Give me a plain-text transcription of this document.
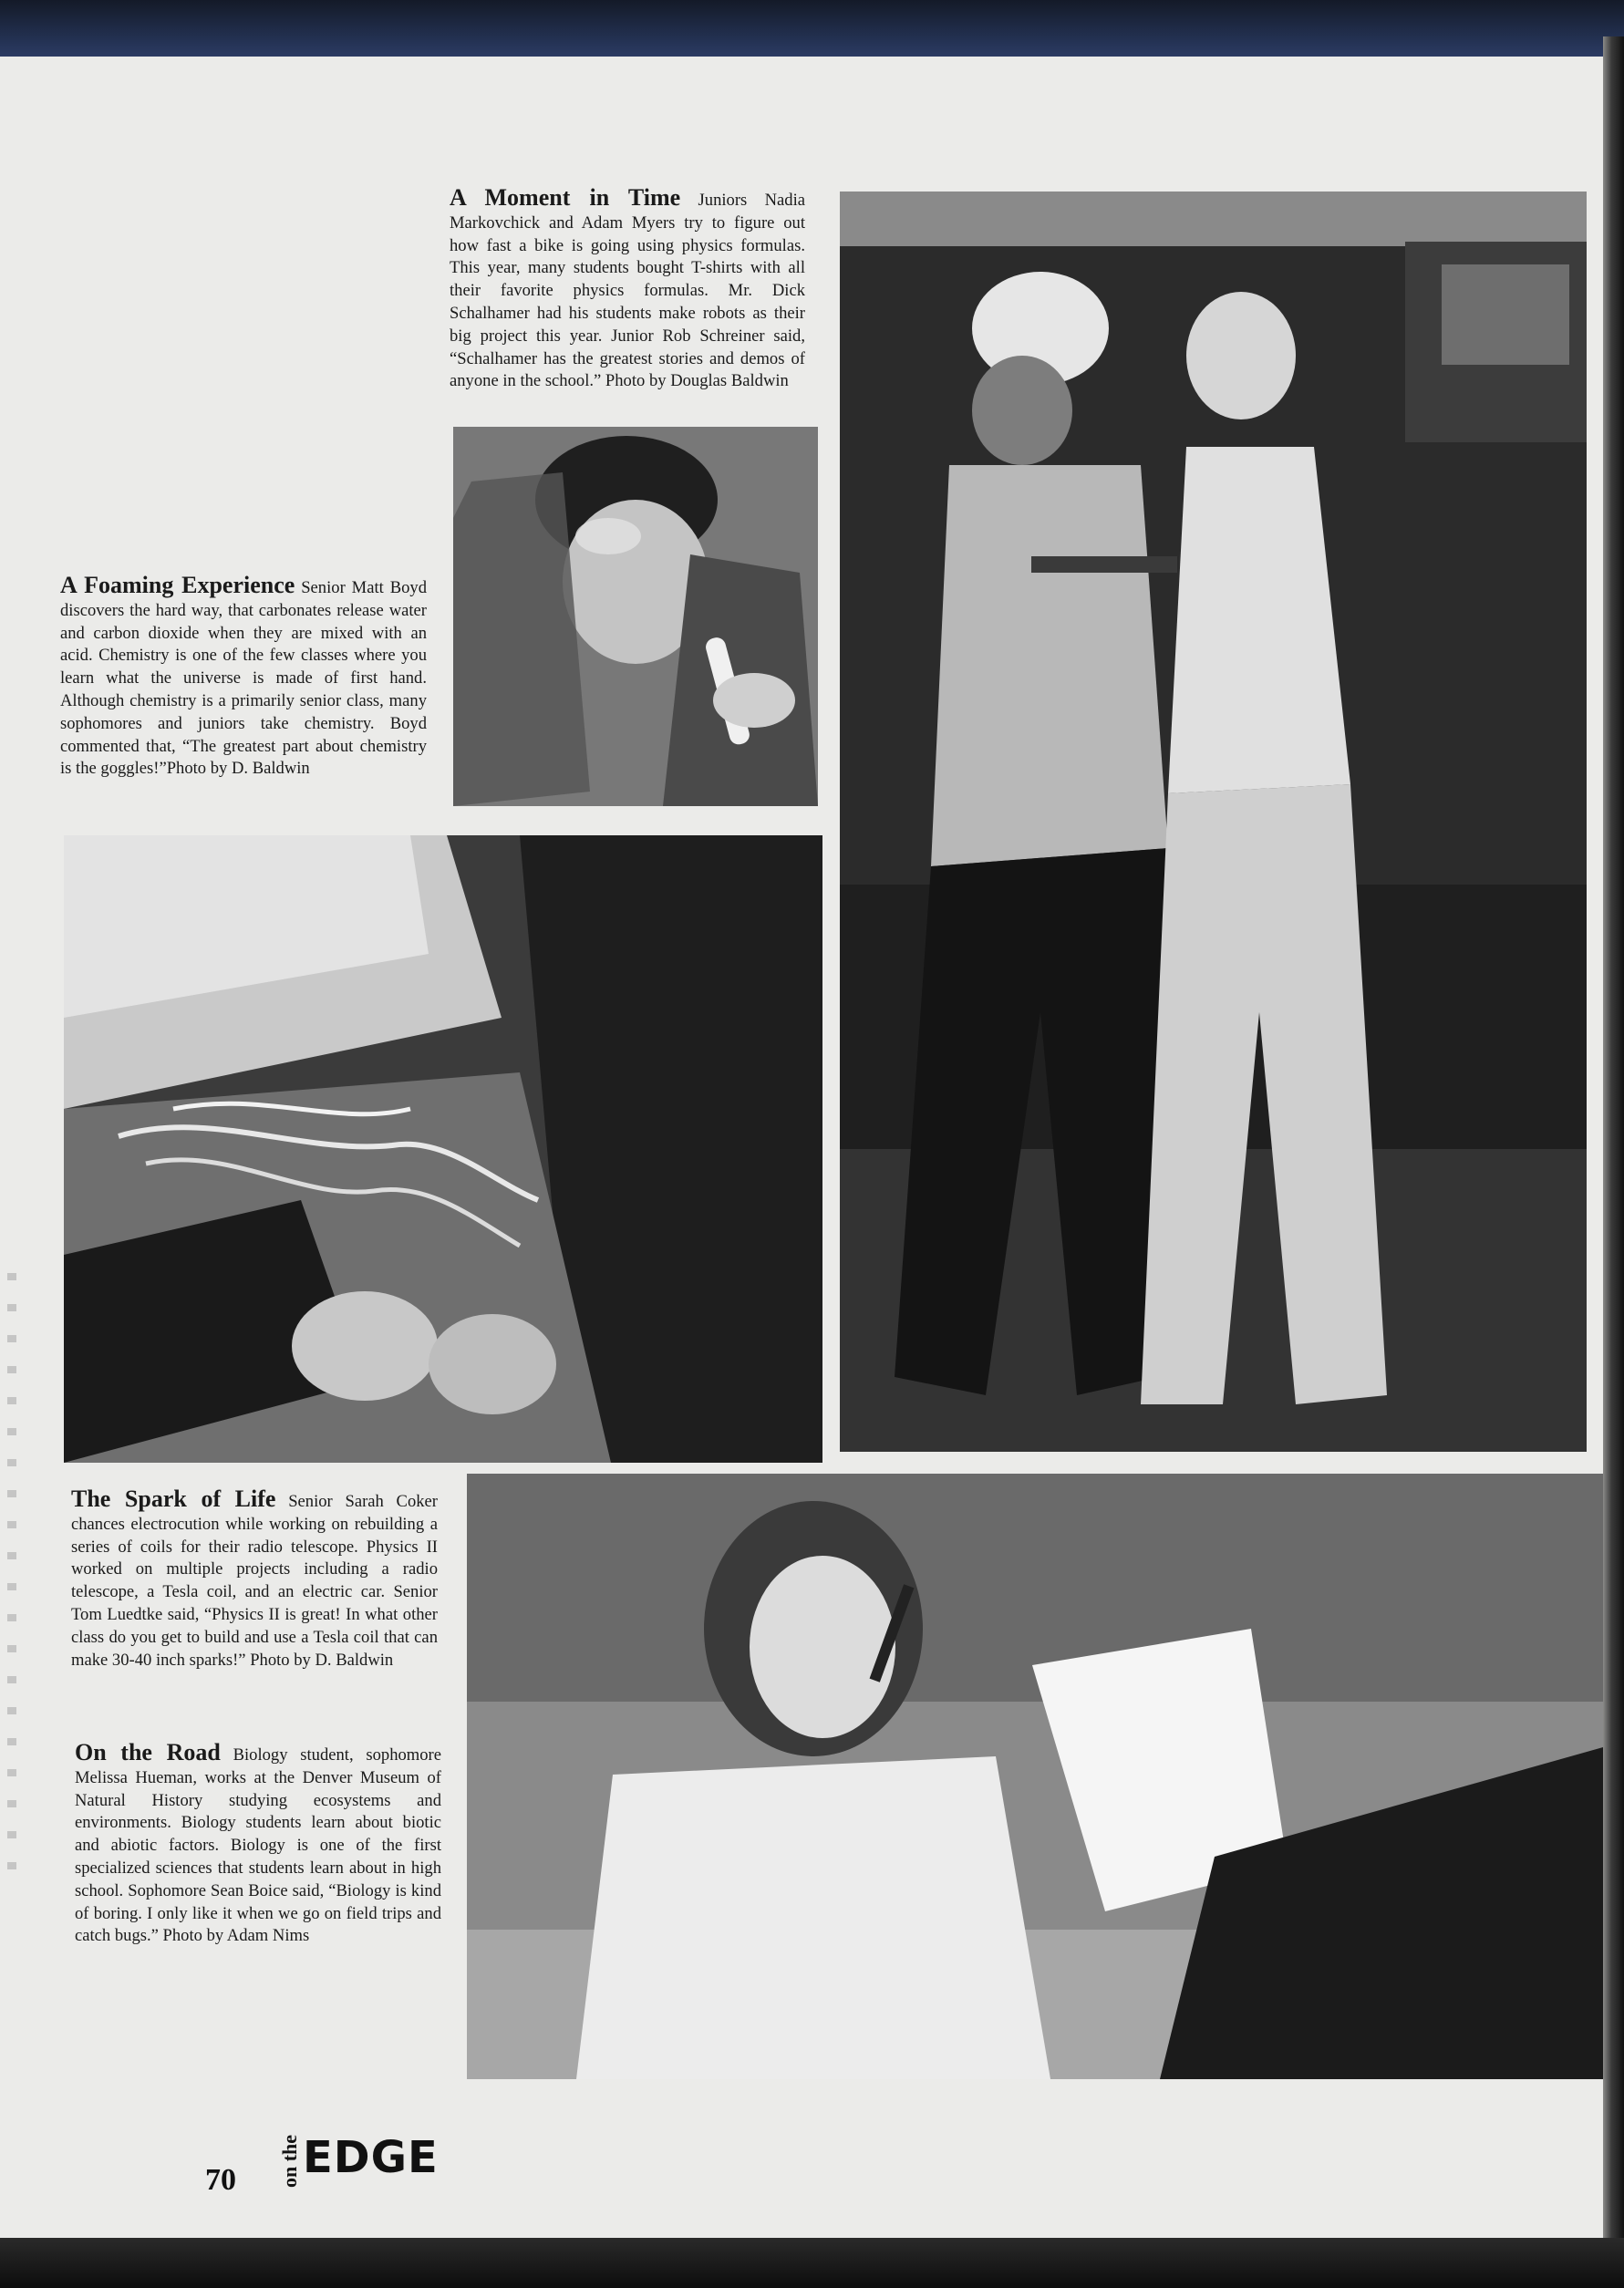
A Moment in Time Juniors Nadia Markovchick and Adam Myers try to figure out how fast a bike is going using physics formulas. This year, many students bought T-shirts with all their favorite physics formulas. Mr. Dick Schalhamer had his students make robots as their big project this year. Junior Rob Schreiner said, “Schalhamer has the greatest stories and demos of anyone in the school.” Photo by Douglas Baldwin

A Foaming Experience Senior Matt Boyd discovers the hard way, that carbonates release water and carbon dioxide when they are mixed with an acid. Chemistry is one of the few classes where you learn what the universe is made of first hand. Although chemistry is a primarily senior class, many sophomores and juniors take chemistry. Boyd commented that, “The greatest part about chemistry is the goggles!”Photo by D. Baldwin

The Spark of Life Senior Sarah Coker chances electrocution while working on rebuilding a series of coils for their radio telescope. Physics II worked on multiple projects including a radio telescope, a Tesla coil, and an electric car. Senior Tom Luedtke said, “Physics II is great! In what other class do you get to build and use a Tesla coil that can make 30-40 inch sparks!” Photo by D. Baldwin

On the Road Biology student, sophomore Melissa Hueman, works at the Denver Museum of Natural History studying ecosystems and environments. Biology students learn about biotic and abiotic factors. Biology is one of the first specialized sciences that students learn about in high school. Sophomore Sean Boice said, “Biology is kind of boring. I only like it when we go on field trips and catch bugs.” Photo by Adam Nims

70 on the EDGE
